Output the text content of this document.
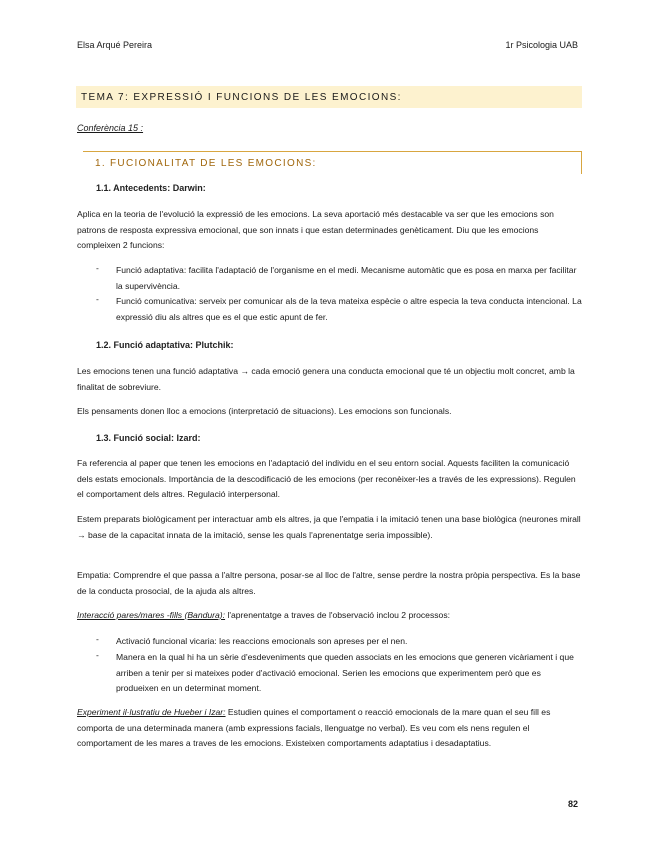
Elsa Arqué Pereira	1r Psicologia UAB
TEMA 7: EXPRESSIÓ I FUNCIONS DE LES EMOCIONS:
Conferència 15 :
1. FUCIONALITAT DE LES EMOCIONS:
1.1. Antecedents: Darwin:
Aplica en la teoria de l'evolució la expressió de les emocions. La seva aportació més destacable va ser que les emocions son patrons de resposta expressiva emocional, que son innats i que estan determinades genèticament. Diu que les emocions compleixen 2 funcions:
- Funció adaptativa: facilita l'adaptació de l'organisme en el medi. Mecanisme automàtic que es posa en marxa per facilitar la supervivència.
- Funció comunicativa: serveix per comunicar als de la teva mateixa espècie o altre especia la teva conducta intencional. La expressió diu als altres que es el que estic apunt de fer.
1.2. Funció adaptativa: Plutchik:
Les emocions tenen una funció adaptativa → cada emoció genera una conducta emocional que té un objectiu molt concret, amb la finalitat de sobreviure.
Els pensaments donen lloc a emocions (interpretació de situacions). Les emocions son funcionals.
1.3. Funció social: Izard:
Fa referencia al paper que tenen les emocions en l'adaptació del individu en el seu entorn social. Aquests faciliten la comunicació dels estats emocionals. Importància de la descodificació de les emocions (per reconèixer-les a través de les expressions). Regulen el comportament dels altres. Regulació interpersonal.
Estem preparats biològicament per interactuar amb els altres, ja que l'empatia i la imitació tenen una base biològica (neurones mirall → base de la capacitat innata de la imitació, sense les quals l'aprenentatge seria impossible).
Empatia: Comprendre el que passa a l'altre persona, posar-se al lloc de l'altre, sense perdre la nostra pròpia perspectiva. Es la base de la conducta prosocial, de la ajuda als altres.
Interacció pares/mares -fills (Bandura): l'aprenentatge a traves de l'observació inclou 2 processos:
- Activació funcional vicaria: les reaccions emocionals son apreses per el nen.
- Manera en la qual hi ha un sèrie d'esdeveniments que queden associats en les emocions que generen vicàriament i que arriben a tenir per si mateixes poder d'activació emocional. Serien les emocions que experimentem però que es produeixen en un determinat moment.
Experiment il·lustratiu de Hueber i Izar: Estudien quines el comportament o reacció emocionals de la mare quan el seu fill es comporta de una determinada manera (amb expressions facials, llenguatge no verbal). Es veu com els nens regulen el comportament de les mares a traves de les emocions. Existeixen comportaments adaptatius i desadaptatius.
82
